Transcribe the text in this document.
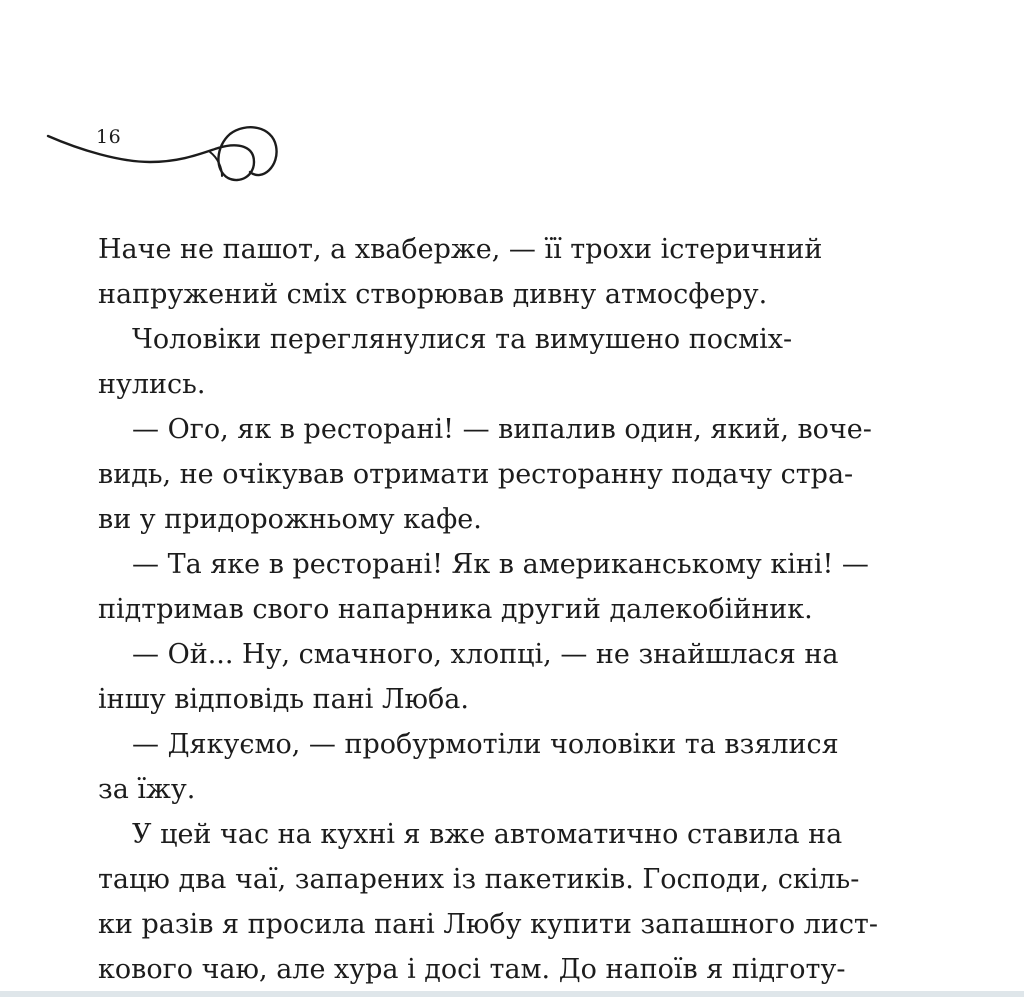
16
Наче не пашот, а хваберже, — її трохи істеричний
напружений сміх створював дивну атмосферу.
Чоловіки переглянулися та вимушено посміх-
нулись.
— Ого, як в ресторані! — випалив один, який, воче-
видь, не очікував отримати ресторанну подачу стра-
ви у придорожньому кафе.
— Та яке в ресторані! Як в американському кіні! —
підтримав свого напарника другий далекобійник.
— Ой... Ну, смачного, хлопці, — не знайшлася на
іншу відповідь пані Люба.
— Дякуємо, — пробурмотіли чоловіки та взялися
за їжу.
У цей час на кухні я вже автоматично ставила на
тацю два чаї, запарених із пакетиків. Господи, скіль-
ки разів я просила пані Любу купити запашного лист-
кового чаю, але хура і досі там. До напоїв я підготу-
